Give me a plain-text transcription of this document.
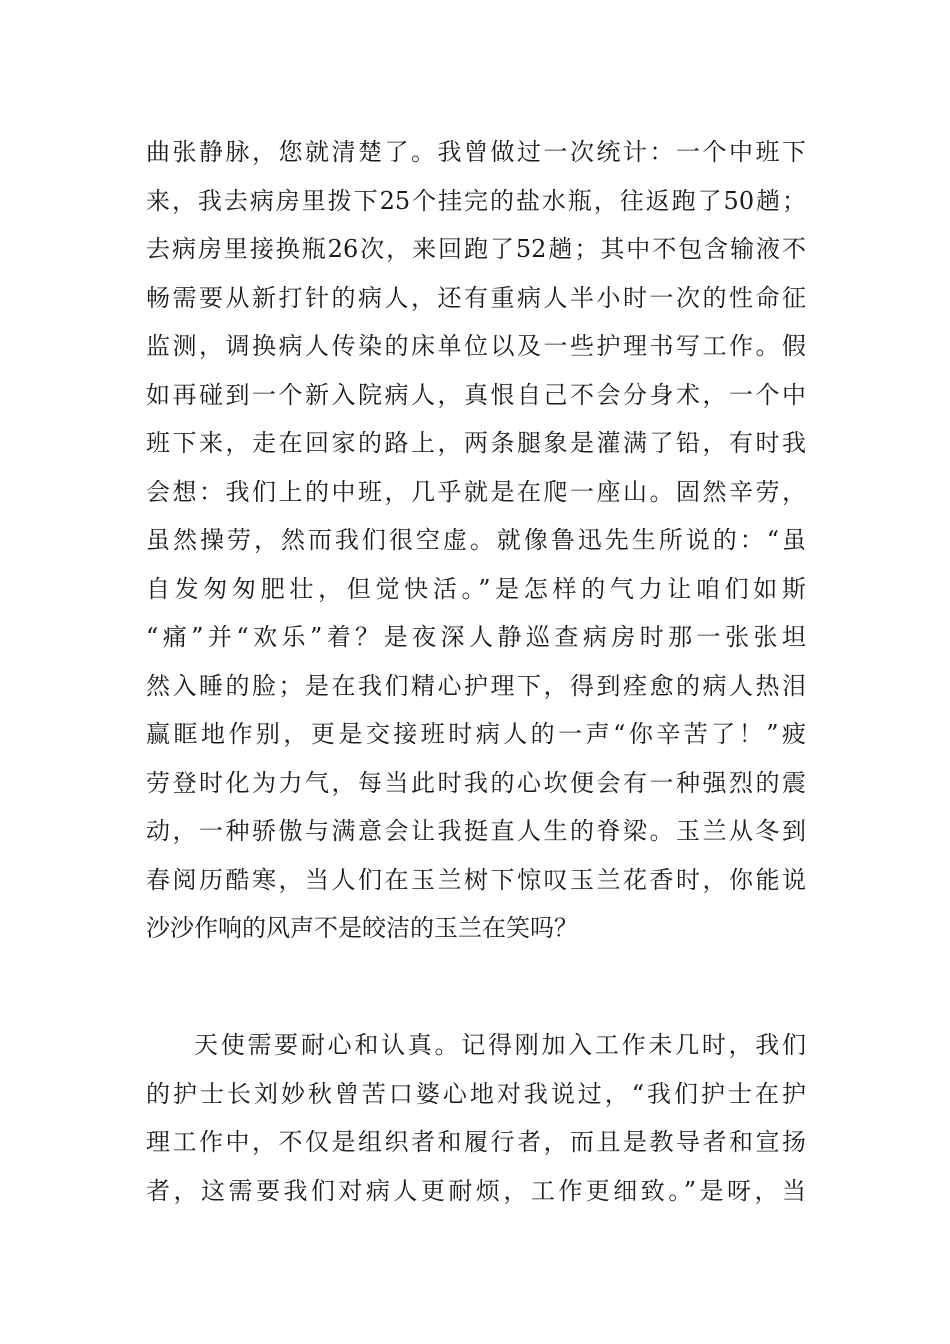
曲张静脉，您就清楚了。我曾做过一次统计：一个中班下
来，我去病房里拨下25个挂完的盐水瓶，往返跑了50趟；
去病房里接换瓶26次，来回跑了52趟；其中不包含输液不
畅需要从新打针的病人，还有重病人半小时一次的性命征
监测，调换病人传染的床单位以及一些护理书写工作。假
如再碰到一个新入院病人，真恨自己不会分身术，一个中
班下来，走在回家的路上，两条腿象是灌满了铅，有时我
会想：我们上的中班，几乎就是在爬一座山。固然辛劳，
虽然操劳，然而我们很空虚。就像鲁迅先生所说的：“虽
自发匆匆肥壮，但觉快活。”是怎样的气力让咱们如斯
“痛”并“欢乐”着？是夜深人静巡查病房时那一张张坦
然入睡的脸；是在我们精心护理下，得到痊愈的病人热泪
赢眶地作别，更是交接班时病人的一声“你辛苦了！”疲
劳登时化为力气，每当此时我的心坎便会有一种强烈的震
动，一种骄傲与满意会让我挺直人生的脊梁。玉兰从冬到
春阅历酷寒，当人们在玉兰树下惊叹玉兰花香时，你能说
沙沙作响的风声不是皎洁的玉兰在笑吗？
天使需要耐心和认真。记得刚加入工作未几时，我们
的护士长刘妙秋曾苦口婆心地对我说过，“我们护士在护
理工作中，不仅是组织者和履行者，而且是教导者和宣扬
者，这需要我们对病人更耐烦，工作更细致。”是呀，当
